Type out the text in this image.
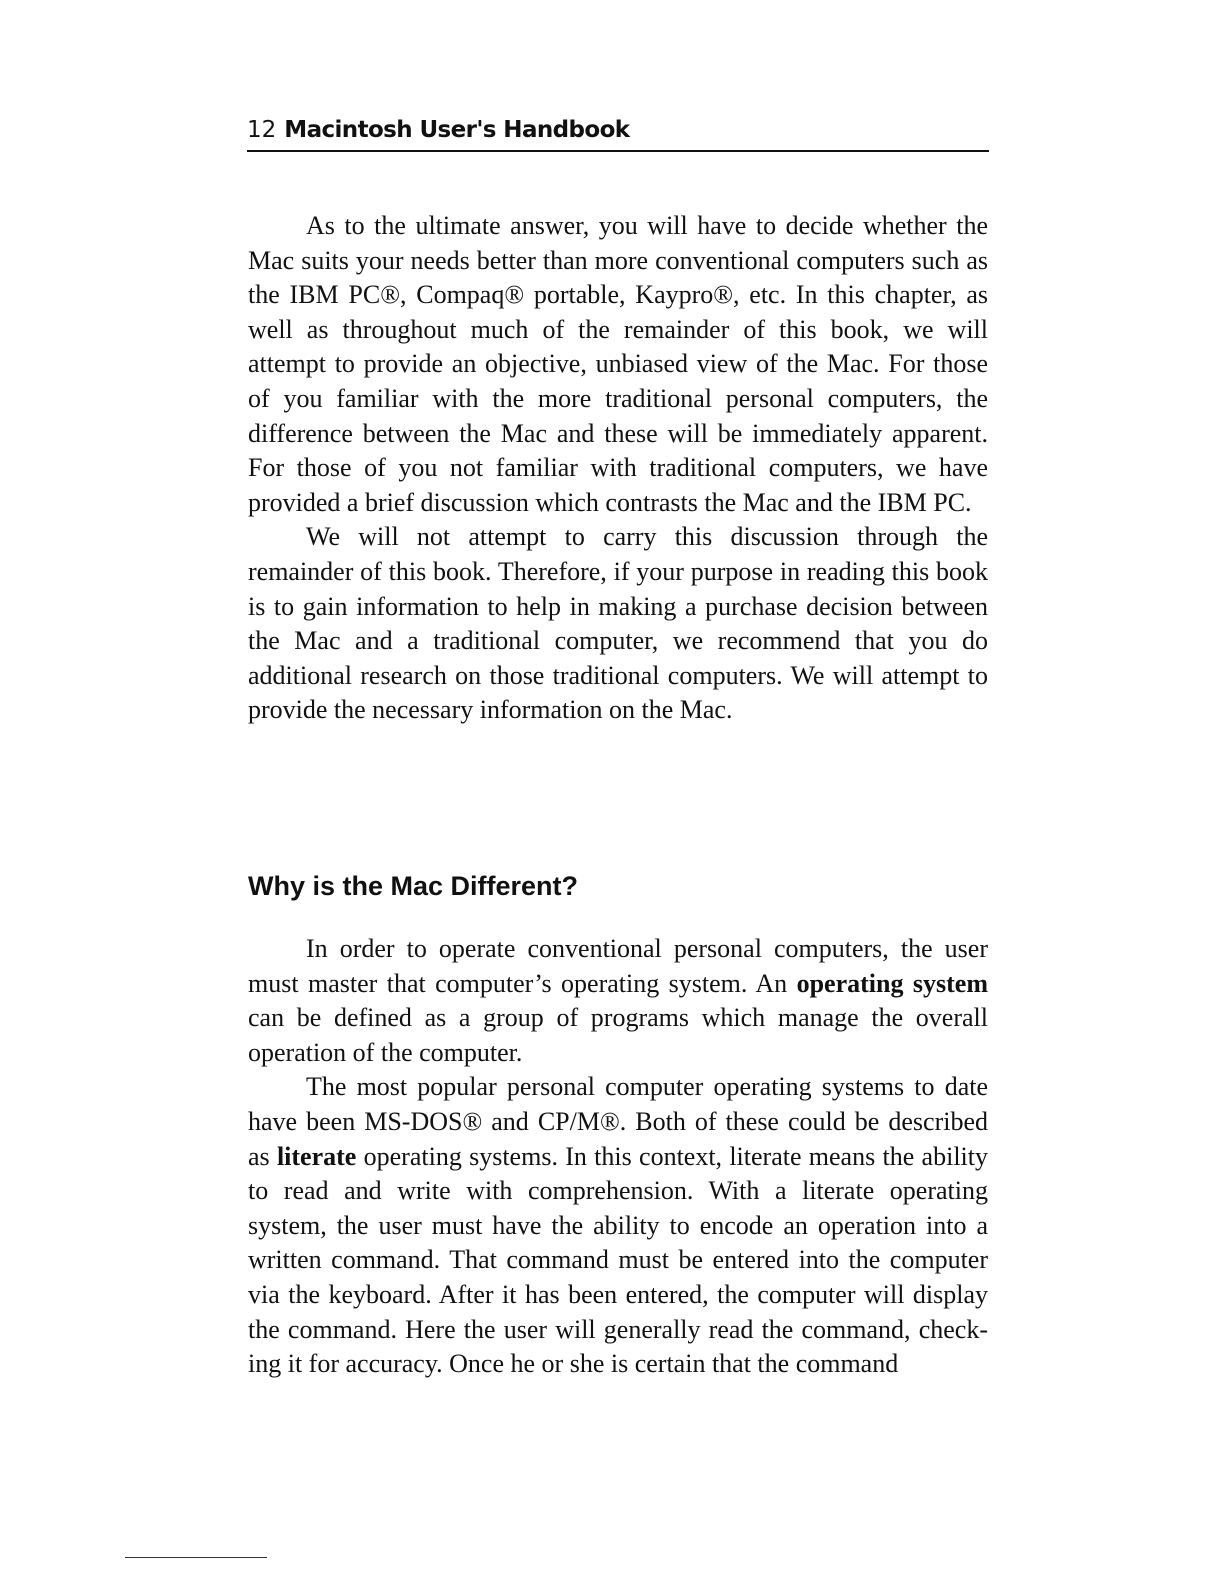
12 Macintosh User's Handbook

As to the ultimate answer, you will have to decide whether the Mac suits your needs better than more conventional computers such as the IBM PC®, Compaq® portable, Kaypro®, etc. In this chapter, as well as throughout much of the remainder of this book, we will attempt to provide an objective, unbiased view of the Mac. For those of you familiar with the more traditional personal computers, the difference between the Mac and these will be immediately apparent. For those of you not familiar with traditional computers, we have provided a brief discussion which contrasts the Mac and the IBM PC.

We will not attempt to carry this discussion through the remainder of this book. Therefore, if your purpose in reading this book is to gain information to help in making a purchase decision between the Mac and a traditional computer, we recommend that you do additional research on those traditional computers. We will attempt to provide the necessary information on the Mac.

Why is the Mac Different?

In order to operate conventional personal computers, the user must master that computer’s operating system. An operating system can be defined as a group of programs which manage the overall operation of the computer.

The most popular personal computer operating systems to date have been MS-DOS® and CP/M®. Both of these could be described as literate operating systems. In this context, literate means the ability to read and write with comprehension. With a literate operating system, the user must have the ability to encode an operation into a written command. That command must be entered into the computer via the keyboard. After it has been entered, the computer will display the command. Here the user will generally read the command, checking it for accuracy. Once he or she is certain that the command
